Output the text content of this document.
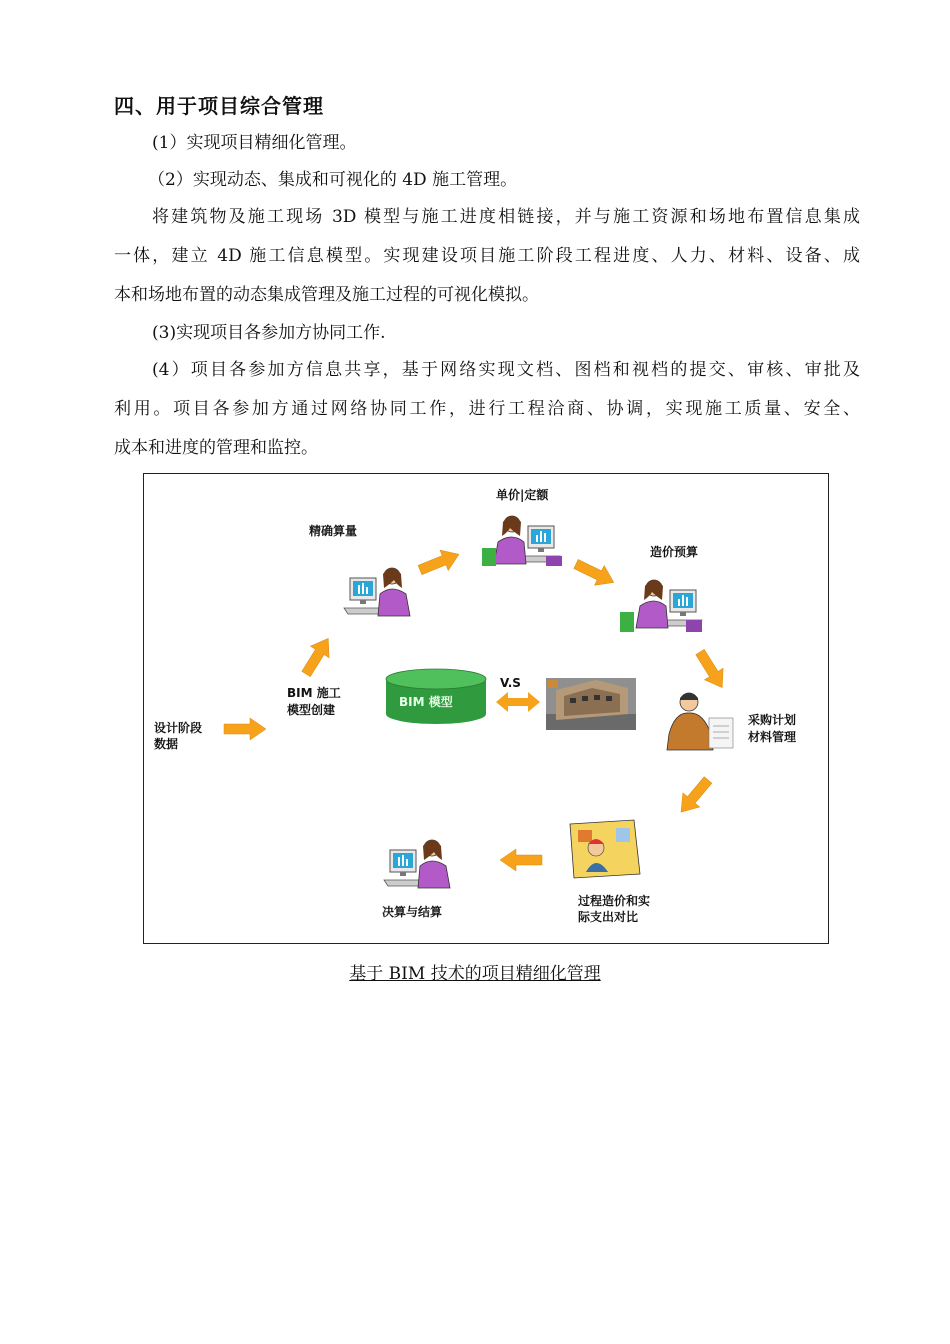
四、用于项目综合管理
(1）实现项目精细化管理。
（2）实现动态、集成和可视化的 4D 施工管理。
将建筑物及施工现场 3D 模型与施工进度相链接，并与施工资源和场地布置信息集成
一体，建立 4D 施工信息模型。实现建设项目施工阶段工程进度、人力、材料、设备、成
本和场地布置的动态集成管理及施工过程的可视化模拟。
(3)实现项目各参加方协同工作.
(4）项目各参加方信息共享，基于网络实现文档、图档和视档的提交、审核、审批及
利用。项目各参加方通过网络协同工作，进行工程洽商、协调，实现施工质量、安全、
成本和进度的管理和监控。
设计阶段
数据
BIM 施工
模型创建
精确算量
单价|定额
造价预算
采购计划
材料管理
过程造价和实
际支出对比
决算与结算
BIM 模型
V.S
基于 BIM 技术的项目精细化管理
